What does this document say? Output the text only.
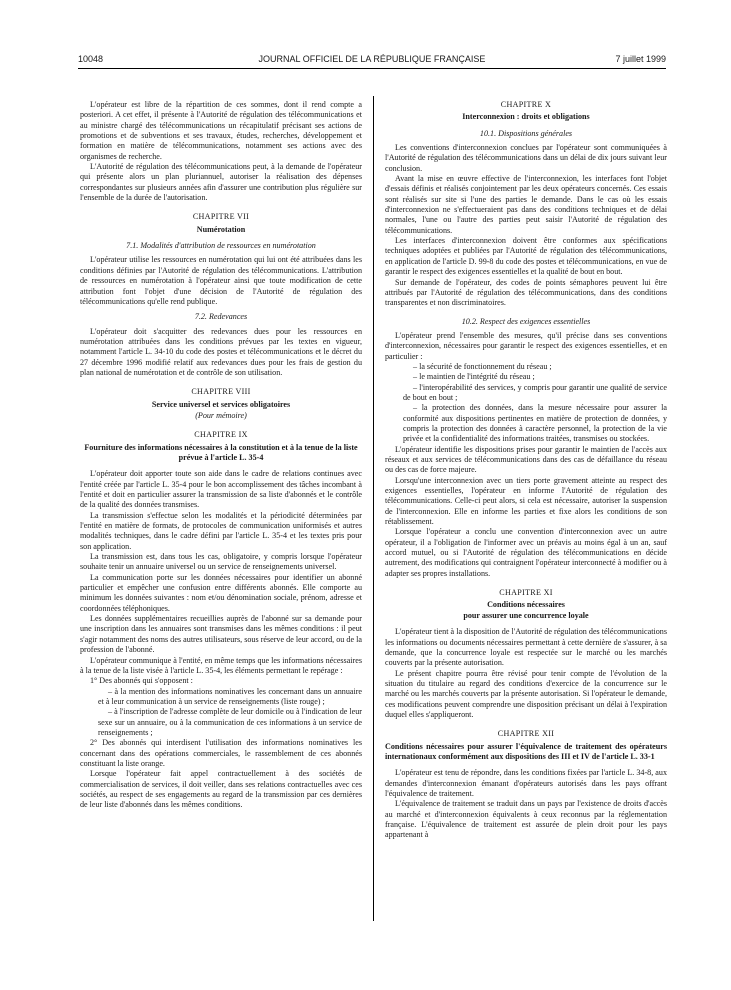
10048	JOURNAL OFFICIEL DE LA RÉPUBLIQUE FRANÇAISE	7 juillet 1999

L'opérateur est libre de la répartition de ces sommes, dont il rend compte a posteriori. A cet effet, il présente à l'Autorité de régulation des télécommunications et au ministre chargé des télécommunications un récapitulatif précisant ses actions de promotions et de subventions et ses travaux, études, recherches, développement et formation en matière de télécommunications, notamment ses actions avec des organismes de recherche.

L'Autorité de régulation des télécommunications peut, à la demande de l'opérateur qui présente alors un plan pluriannuel, autoriser la réalisation des dépenses correspondantes sur plusieurs années afin d'assurer une contribution plus régulière sur l'ensemble de la durée de l'autorisation.

CHAPITRE VII
Numérotation
7.1. Modalités d'attribution de ressources en numérotation

L'opérateur utilise les ressources en numérotation qui lui ont été attribuées dans les conditions définies par l'Autorité de régulation des télécommunications. L'attribution de ressources en numérotation à l'opérateur ainsi que toute modification de cette attribution font l'objet d'une décision de l'Autorité de régulation des télécommunications qu'elle rend publique.

7.2. Redevances

L'opérateur doit s'acquitter des redevances dues pour les ressources en numérotation attribuées dans les conditions prévues par les textes en vigueur, notamment l'article L. 34-10 du code des postes et télécommunications et le décret du 27 décembre 1996 modifié relatif aux redevances dues pour les frais de gestion du plan national de numérotation et de contrôle de son utilisation.

CHAPITRE VIII
Service universel et services obligatoires
(Pour mémoire)
CHAPITRE IX
Fourniture des informations nécessaires à la constitution et à la tenue de la liste prévue à l'article L. 35-4

L'opérateur doit apporter toute son aide dans le cadre de relations continues avec l'entité créée par l'article L. 35-4 pour le bon accomplissement des tâches incombant à l'entité et doit en particulier assurer la transmission de sa liste d'abonnés et le contrôle de la qualité des données transmises.

La transmission s'effectue selon les modalités et la périodicité déterminées par l'entité en matière de formats, de protocoles de communication uniformisés et autres modalités techniques, dans le cadre défini par l'article L. 35-4 et les textes pris pour son application.

La transmission est, dans tous les cas, obligatoire, y compris lorsque l'opérateur souhaite tenir un annuaire universel ou un service de renseignements universel.

La communication porte sur les données nécessaires pour identifier un abonné particulier et empêcher une confusion entre différents abonnés. Elle comporte au minimum les données suivantes : nom et/ou dénomination sociale, prénom, adresse et coordonnées téléphoniques.

Les données supplémentaires recueillies auprès de l'abonné sur sa demande pour une inscription dans les annuaires sont transmises dans les mêmes conditions : il peut s'agir notamment des noms des autres utilisateurs, sous réserve de leur accord, ou de la profession de l'abonné.

L'opérateur communique à l'entité, en même temps que les informations nécessaires à la tenue de la liste visée à l'article L. 35-4, les éléments permettant le repérage :

1° Des abonnés qui s'opposent :

– à la mention des informations nominatives les concernant dans un annuaire et à leur communication à un service de renseignements (liste rouge) ;

– à l'inscription de l'adresse complète de leur domicile ou à l'indication de leur sexe sur un annuaire, ou à la communication de ces informations à un service de renseignements ;

2° Des abonnés qui interdisent l'utilisation des informations nominatives les concernant dans des opérations commerciales, le rassemblement de ces abonnés constituant la liste orange.

Lorsque l'opérateur fait appel contractuellement à des sociétés de commercialisation de services, il doit veiller, dans ses relations contractuelles avec ces sociétés, au respect de ses engagements au regard de la transmission par ces dernières de leur liste d'abonnés dans les mêmes conditions.

CHAPITRE X
Interconnexion : droits et obligations
10.1. Dispositions générales

Les conventions d'interconnexion conclues par l'opérateur sont communiquées à l'Autorité de régulation des télécommunications dans un délai de dix jours suivant leur conclusion.

Avant la mise en œuvre effective de l'interconnexion, les interfaces font l'objet d'essais définis et réalisés conjointement par les deux opérateurs concernés. Ces essais sont réalisés sur site si l'une des parties le demande. Dans le cas où les essais d'interconnexion ne s'effectueraient pas dans des conditions techniques et de délai normales, l'une ou l'autre des parties peut saisir l'Autorité de régulation des télécommunications.

Les interfaces d'interconnexion doivent être conformes aux spécifications techniques adoptées et publiées par l'Autorité de régulation des télécommunications, en application de l'article D. 99-8 du code des postes et télécommunications, en vue de garantir le respect des exigences essentielles et la qualité de bout en bout.

Sur demande de l'opérateur, des codes de points sémaphores peuvent lui être attribués par l'Autorité de régulation des télécommunications, dans des conditions transparentes et non discriminatoires.

10.2. Respect des exigences essentielles

L'opérateur prend l'ensemble des mesures, qu'il précise dans ses conventions d'interconnexion, nécessaires pour garantir le respect des exigences essentielles, et en particulier :

– la sécurité de fonctionnement du réseau ;

– le maintien de l'intégrité du réseau ;

– l'interopérabilité des services, y compris pour garantir une qualité de service de bout en bout ;

– la protection des données, dans la mesure nécessaire pour assurer la conformité aux dispositions pertinentes en matière de protection de données, y compris la protection des données à caractère personnel, la protection de la vie privée et la confidentialité des informations traitées, transmises ou stockées.

L'opérateur identifie les dispositions prises pour garantir le maintien de l'accès aux réseaux et aux services de télécommunications dans des cas de défaillance du réseau ou des cas de force majeure.

Lorsqu'une interconnexion avec un tiers porte gravement atteinte au respect des exigences essentielles, l'opérateur en informe l'Autorité de régulation des télécommunications. Celle-ci peut alors, si cela est nécessaire, autoriser la suspension de l'interconnexion. Elle en informe les parties et fixe alors les conditions de son rétablissement.

Lorsque l'opérateur a conclu une convention d'interconnexion avec un autre opérateur, il a l'obligation de l'informer avec un préavis au moins égal à un an, sauf accord mutuel, ou si l'Autorité de régulation des télécommunications en décide autrement, des modifications qui contraignent l'opérateur interconnecté à modifier ou à adapter ses propres installations.

CHAPITRE XI
Conditions nécessaires
pour assurer une concurrence loyale

L'opérateur tient à la disposition de l'Autorité de régulation des télécommunications les informations ou documents nécessaires permettant à cette dernière de s'assurer, à sa demande, que la concurrence loyale est respectée sur le marché ou les marchés couverts par la présente autorisation.

Le présent chapitre pourra être révisé pour tenir compte de l'évolution de la situation du titulaire au regard des conditions d'exercice de la concurrence sur le marché ou les marchés couverts par la présente autorisation. Si l'opérateur le demande, ces modifications peuvent comprendre une disposition précisant un délai à l'expiration duquel elles s'appliqueront.

CHAPITRE XII
Conditions nécessaires pour assurer l'équivalence de traitement des opérateurs internationaux conformément aux dispositions des III et IV de l'article L. 33-1

L'opérateur est tenu de répondre, dans les conditions fixées par l'article L. 34-8, aux demandes d'interconnexion émanant d'opérateurs autorisés dans les pays offrant l'équivalence de traitement.

L'équivalence de traitement se traduit dans un pays par l'existence de droits d'accès au marché et d'interconnexion équivalents à ceux reconnus par la réglementation française. L'équivalence de traitement est assurée de plein droit pour les pays appartenant à
